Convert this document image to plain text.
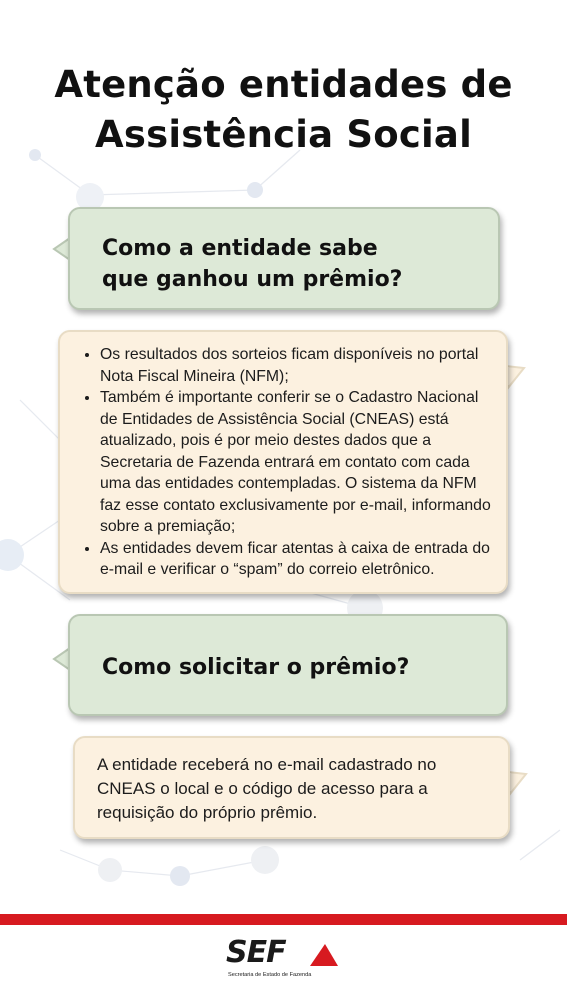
Atenção entidades de
Assistência Social
Como a entidade sabe
que ganhou um prêmio?
• Os resultados dos sorteios ficam disponíveis no portal Nota Fiscal Mineira (NFM);
• Também é importante conferir se o Cadastro Nacional de Entidades de Assistência Social (CNEAS) está atualizado, pois é por meio destes dados que a Secretaria de Fazenda entrará em contato com cada uma das entidades contempladas. O sistema da NFM faz esse contato exclusivamente por e-mail, informando sobre a premiação;
• As entidades devem ficar atentas à caixa de entrada do e-mail e verificar o “spam” do correio eletrônico.
Como solicitar o prêmio?
A entidade receberá no e-mail cadastrado no CNEAS o local e o código de acesso para a requisição do próprio prêmio.
SEF
Secretaria de Estado de Fazenda
